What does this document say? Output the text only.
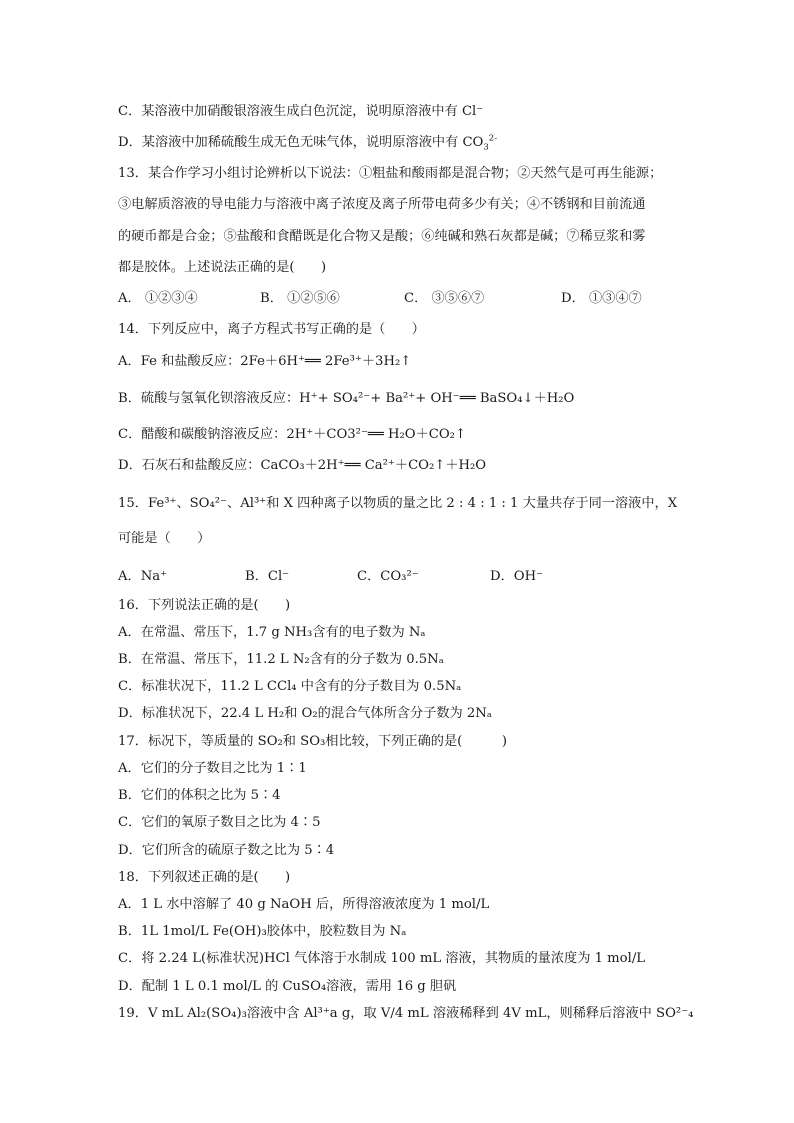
C．某溶液中加硝酸银溶液生成白色沉淀，说明原溶液中有 Cl⁻
D．某溶液中加稀硫酸生成无色无味气体，说明原溶液中有 $CO_3^{2-}$
13．某合作学习小组讨论辨析以下说法：①粗盐和酸雨都是混合物；②天然气是可再生能源；
③电解质溶液的导电能力与溶液中离子浓度及离子所带电荷多少有关；④不锈钢和目前流通
的硬币都是合金；⑤盐酸和食醋既是化合物又是酸；⑥纯碱和熟石灰都是碱；⑦稀豆浆和雾
都是胶体。上述说法正确的是(　　)
A． ①②③④	B． ①②⑤⑥	C． ③⑤⑥⑦	D． ①③④⑦
14．下列反应中，离子方程式书写正确的是（　　）
A．Fe 和盐酸反应：2Fe＋6H⁺══ 2Fe³⁺＋3H₂↑
B．硫酸与氢氧化钡溶液反应：H⁺+ SO₄²⁻+ Ba²⁺+ OH⁻══ BaSO₄↓＋H₂O
C．醋酸和碳酸钠溶液反应：2H⁺＋CO3²⁻══ H₂O＋CO₂↑
D．石灰石和盐酸反应：CaCO₃＋2H⁺══ Ca²⁺＋CO₂↑＋H₂O
15．Fe³⁺、SO₄²⁻、Al³⁺和 X 四种离子以物质的量之比 2 : 4 : 1 : 1 大量共存于同一溶液中，X
可能是（　　）
A．Na⁺	B．Cl⁻	C．CO₃²⁻	D．OH⁻
16．下列说法正确的是(　　)
A．在常温、常压下，1.7 g NH₃含有的电子数为 Nₐ
B．在常温、常压下，11.2 L N₂含有的分子数为 0.5Nₐ
C．标准状况下，11.2 L CCl₄ 中含有的分子数目为 0.5Nₐ
D．标准状况下，22.4 L H₂和 O₂的混合气体所含分子数为 2Nₐ
17．标况下，等质量的 SO₂和 SO₃相比较，下列正确的是(　　　)
A．它们的分子数目之比为 1∶1
B．它们的体积之比为 5∶4
C．它们的氧原子数目之比为 4∶5
D．它们所含的硫原子数之比为 5∶4
18．下列叙述正确的是(　　)
A．1 L 水中溶解了 40 g NaOH 后，所得溶液浓度为 1 mol/L
B．1L 1mol/L Fe(OH)₃胶体中，胶粒数目为 Nₐ
C．将 2.24 L(标准状况)HCl 气体溶于水制成 100 mL 溶液，其物质的量浓度为 1 mol/L
D．配制 1 L 0.1 mol/L 的 CuSO₄溶液，需用 16 g 胆矾
19．V mL Al₂(SO₄)₃溶液中含 Al³⁺a g，取 V/4 mL 溶液稀释到 4V mL，则稀释后溶液中 SO²⁻₄
